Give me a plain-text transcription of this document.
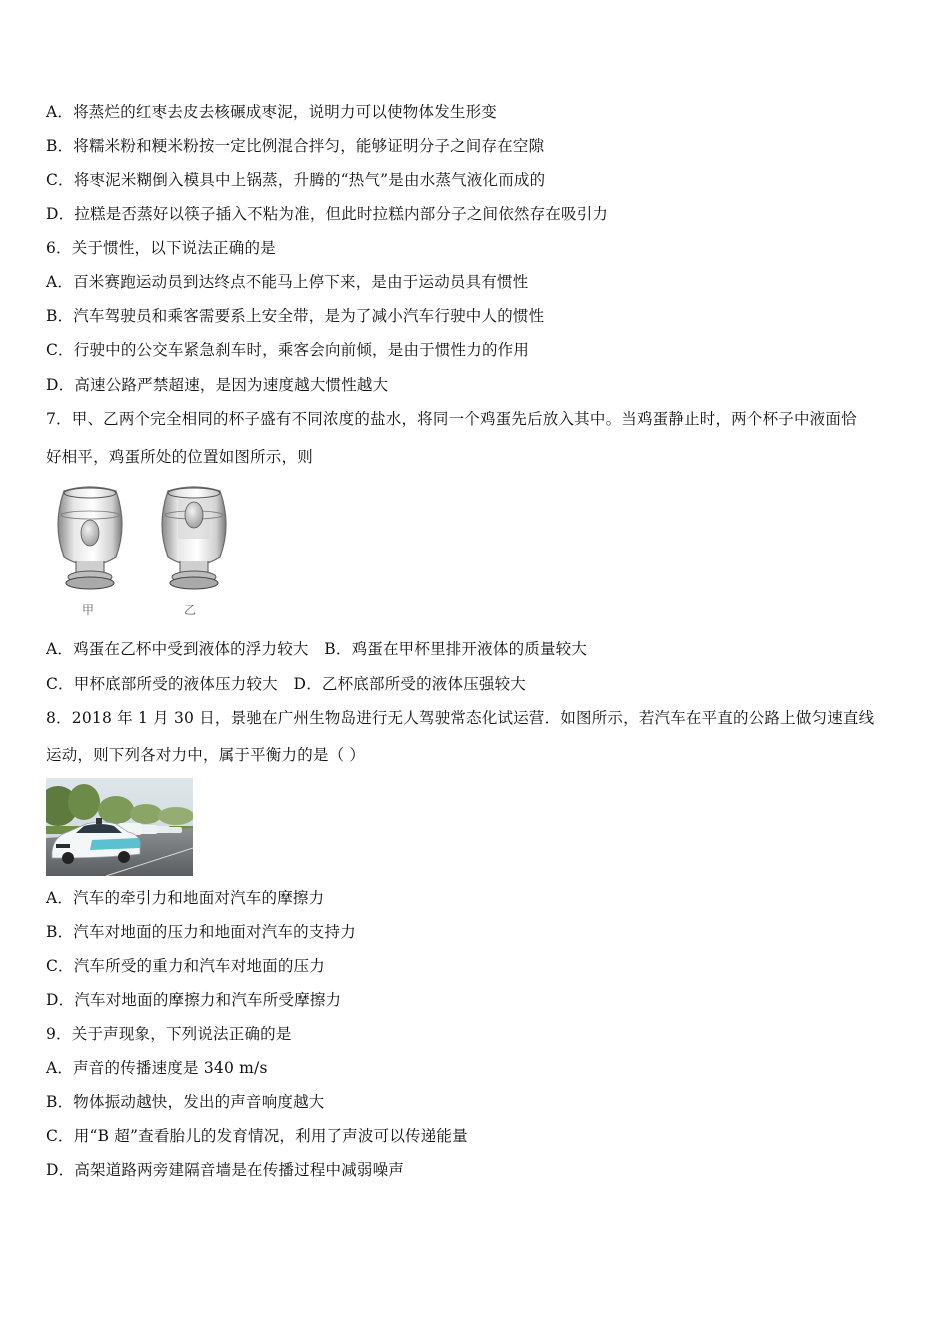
A．将蒸烂的红枣去皮去核碾成枣泥，说明力可以使物体发生形变
B．将糯米粉和粳米粉按一定比例混合拌匀，能够证明分子之间存在空隙
C．将枣泥米糊倒入模具中上锅蒸，升腾的“热气”是由水蒸气液化而成的
D．拉糕是否蒸好以筷子插入不粘为准，但此时拉糕内部分子之间依然存在吸引力
6．关于惯性，以下说法正确的是
A．百米赛跑运动员到达终点不能马上停下来，是由于运动员具有惯性
B．汽车驾驶员和乘客需要系上安全带，是为了减小汽车行驶中人的惯性
C．行驶中的公交车紧急刹车时，乘客会向前倾，是由于惯性力的作用
D．高速公路严禁超速，是因为速度越大惯性越大
7．甲、乙两个完全相同的杯子盛有不同浓度的盐水，将同一个鸡蛋先后放入其中。当鸡蛋静止时，两个杯子中液面恰
好相平，鸡蛋所处的位置如图所示，则
甲	乙
A．鸡蛋在乙杯中受到液体的浮力较大　B．鸡蛋在甲杯里排开液体的质量较大
C．甲杯底部所受的液体压力较大　D．乙杯底部所受的液体压强较大
8．2018 年 1 月 30 日，景驰在广州生物岛进行无人驾驶常态化试运营．如图所示，若汽车在平直的公路上做匀速直线
运动，则下列各对力中，属于平衡力的是（ ）
A．汽车的牵引力和地面对汽车的摩擦力
B．汽车对地面的压力和地面对汽车的支持力
C．汽车所受的重力和汽车对地面的压力
D．汽车对地面的摩擦力和汽车所受摩擦力
9．关于声现象，下列说法正确的是
A．声音的传播速度是 340 m/s
B．物体振动越快，发出的声音响度越大
C．用“B 超”查看胎儿的发育情况，利用了声波可以传递能量
D．高架道路两旁建隔音墙是在传播过程中减弱噪声
